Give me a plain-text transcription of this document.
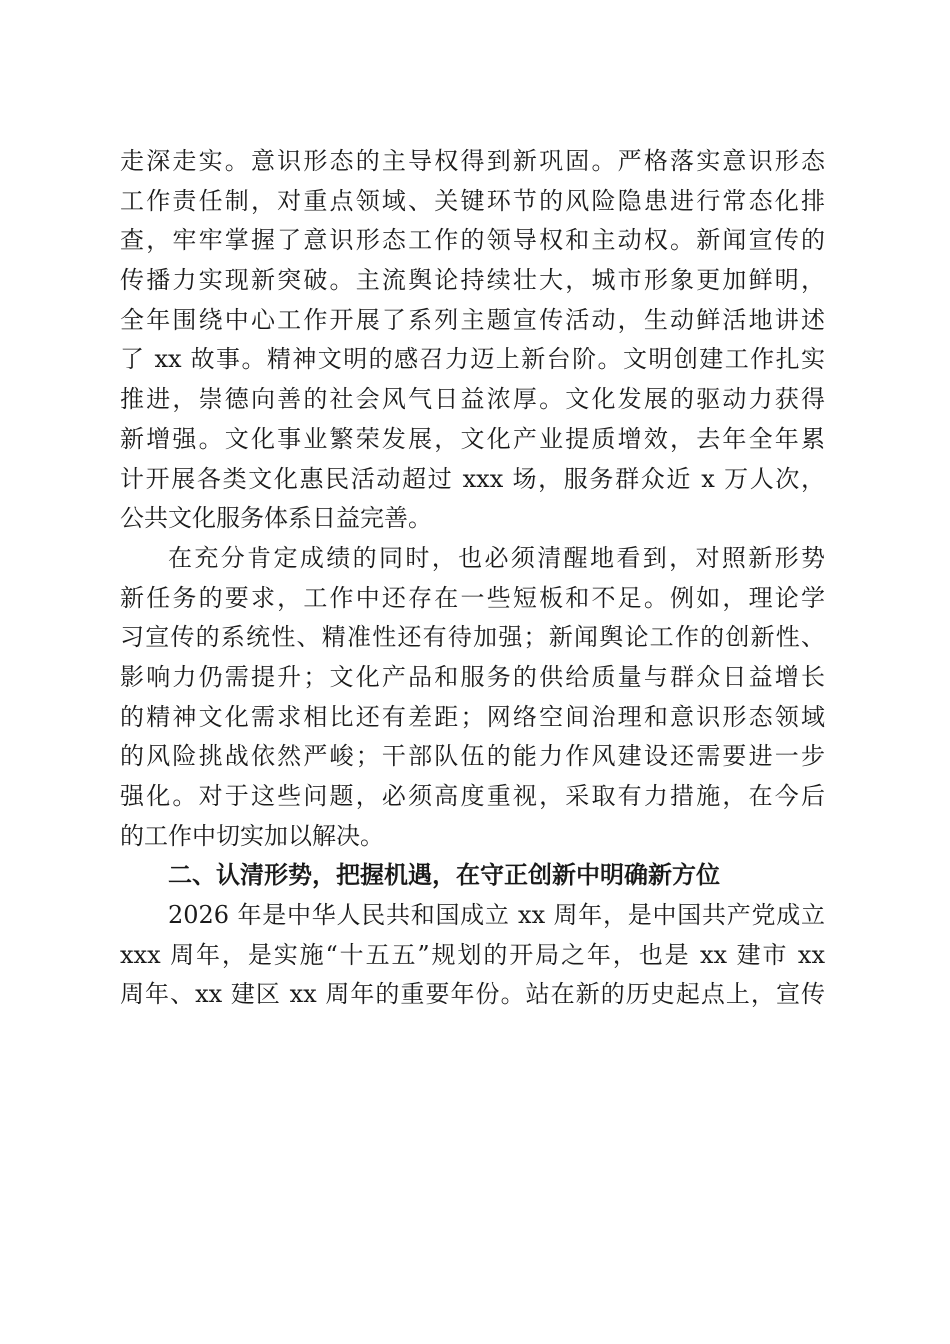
走深走实。意识形态的主导权得到新巩固。严格落实意识形态
工作责任制，对重点领域、关键环节的风险隐患进行常态化排
查，牢牢掌握了意识形态工作的领导权和主动权。新闻宣传的
传播力实现新突破。主流舆论持续壮大，城市形象更加鲜明，
全年围绕中心工作开展了系列主题宣传活动，生动鲜活地讲述
了 xx 故事。精神文明的感召力迈上新台阶。文明创建工作扎实
推进，崇德向善的社会风气日益浓厚。文化发展的驱动力获得
新增强。文化事业繁荣发展，文化产业提质增效，去年全年累
计开展各类文化惠民活动超过 xxx 场，服务群众近 x 万人次，
公共文化服务体系日益完善。
在充分肯定成绩的同时，也必须清醒地看到，对照新形势
新任务的要求，工作中还存在一些短板和不足。例如，理论学
习宣传的系统性、精准性还有待加强；新闻舆论工作的创新性、
影响力仍需提升；文化产品和服务的供给质量与群众日益增长
的精神文化需求相比还有差距；网络空间治理和意识形态领域
的风险挑战依然严峻；干部队伍的能力作风建设还需要进一步
强化。对于这些问题，必须高度重视，采取有力措施，在今后
的工作中切实加以解决。
二、认清形势，把握机遇，在守正创新中明确新方位
2026 年是中华人民共和国成立 xx 周年，是中国共产党成立
xxx 周年，是实施“十五五”规划的开局之年，也是 xx 建市 xx
周年、xx 建区 xx 周年的重要年份。站在新的历史起点上，宣传
